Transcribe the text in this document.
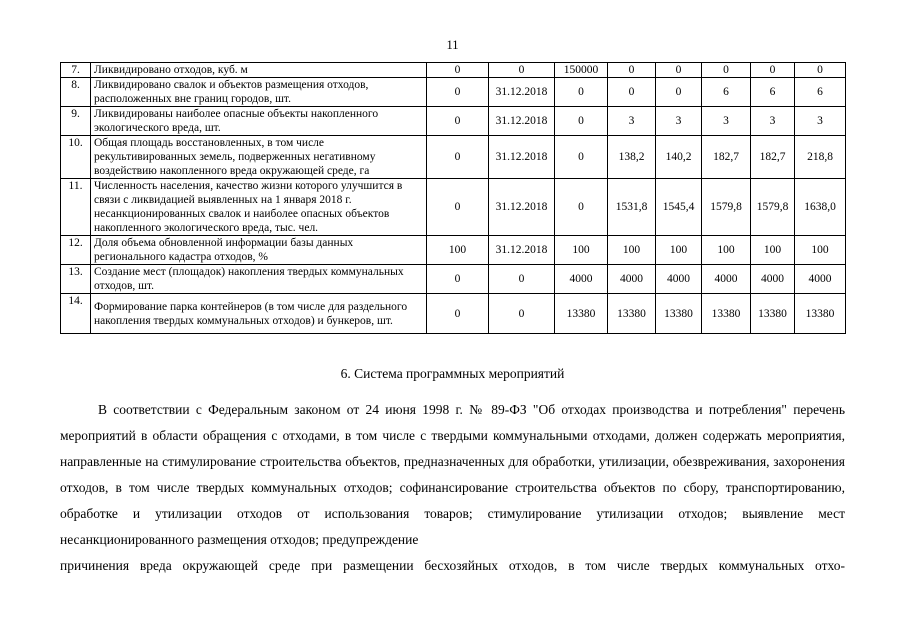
11
7.	Ликвидировано отходов, куб. м	0	0	150000	0	0	0	0	0
8.	Ликвидировано свалок и объектов размещения отходов, расположенных вне границ городов, шт.	0	31.12.2018	0	0	0	6	6	6
9.	Ликвидированы наиболее опасные объекты накопленного экологического вреда, шт.	0	31.12.2018	0	3	3	3	3	3
10.	Общая площадь восстановленных, в том числе рекультивированных земель, подверженных негативному воздействию накопленного вреда окружающей среде, га	0	31.12.2018	0	138,2	140,2	182,7	182,7	218,8
11.	Численность населения, качество жизни которого улучшится в связи с ликвидацией выявленных на 1 января 2018 г. несанкционированных свалок и наиболее опасных объектов накопленного экологического вреда, тыс. чел.	0	31.12.2018	0	1531,8	1545,4	1579,8	1579,8	1638,0
12.	Доля объема обновленной информации базы данных регионального кадастра отходов, %	100	31.12.2018	100	100	100	100	100	100
13.	Создание мест (площадок) накопления твердых коммунальных отходов, шт.	0	0	4000	4000	4000	4000	4000	4000
14.	Формирование парка контейнеров (в том числе для раздельного накопления твердых коммунальных отходов) и бункеров, шт.	0	0	13380	13380	13380	13380	13380	13380
6. Система программных мероприятий

В соответствии с Федеральным законом от 24 июня 1998 г. № 89-ФЗ "Об отходах производства и потребления" перечень мероприятий в области обращения с отходами, в том числе с твердыми коммунальными отходами, должен содержать мероприятия, направленные на стимулирование строительства объектов, предназначенных для обработки, утилизации, обезвреживания, захоронения отходов, в том числе твердых коммунальных отходов; софинансирование строительства объектов по сбору, транспортированию, обработке и утилизации отходов от использования товаров; стимулирование утилизации отходов; выявление мест несанкционированного размещения отходов; предупреждение

причинения вреда окружающей среде при размещении бесхозяйных отходов, в том числе твердых коммунальных отхо-
